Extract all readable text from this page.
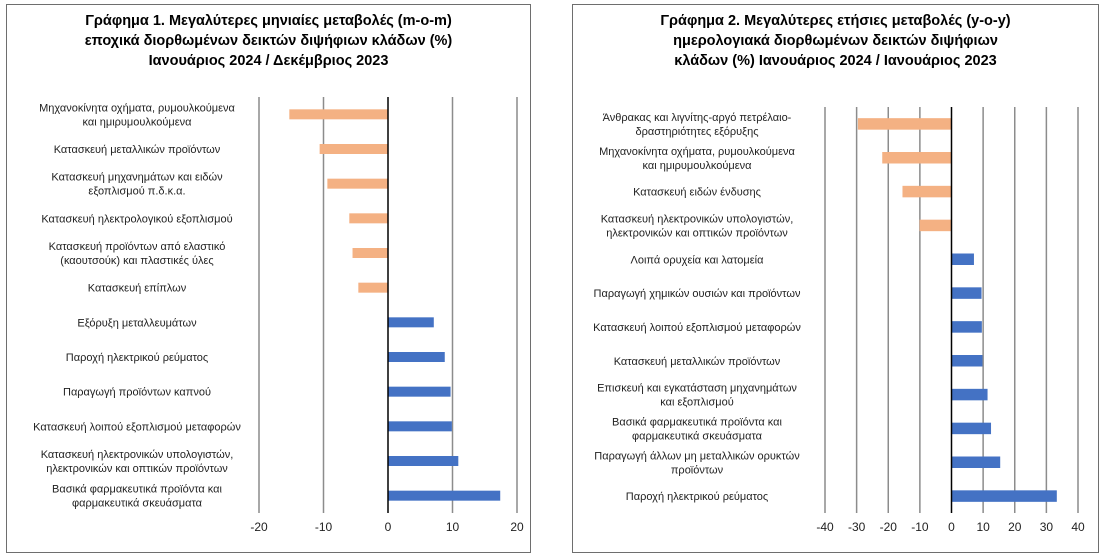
Γράφημα 1. Μεγαλύτερες μηνιαίες μεταβολές (m-o-m)
εποχικά διορθωμένων δεικτών διψήφιων κλάδων (%)
Ιανουάριος 2024 / Δεκέμβριος 2023
Μηχανοκίνητα οχήματα, ρυμουλκούμενα και ημιρυμουλκούμενα
Κατασκευή μεταλλικών προϊόντων
Κατασκευή μηχανημάτων και ειδών εξοπλισμού π.δ.κ.α.
Κατασκευή ηλεκτρολογικού εξοπλισμού
Κατασκευή προϊόντων από ελαστικό (καουτσούκ) και πλαστικές ύλες
Κατασκευή επίπλων
Εξόρυξη μεταλλευμάτων
Παροχή ηλεκτρικού ρεύματος
Παραγωγή προϊόντων καπνού
Κατασκευή λοιπού εξοπλισμού μεταφορών
Κατασκευή ηλεκτρονικών υπολογιστών, ηλεκτρονικών και οπτικών προϊόντων
Βασικά φαρμακευτικά προϊόντα και φαρμακευτικά σκευάσματα
-20	-10	0	10	20
Γράφημα 2. Μεγαλύτερες ετήσιες μεταβολές (y-o-y)
ημερολογιακά διορθωμένων δεικτών διψήφιων
κλάδων (%) Ιανουάριος 2024 / Ιανουάριος 2023
Άνθρακας και λιγνίτης-αργό πετρέλαιο-δραστηριότητες εξόρυξης
Μηχανοκίνητα οχήματα, ρυμουλκούμενα και ημιρυμουλκούμενα
Κατασκευή ειδών ένδυσης
Κατασκευή ηλεκτρονικών υπολογιστών, ηλεκτρονικών και οπτικών προϊόντων
Λοιπά ορυχεία και λατομεία
Παραγωγή χημικών ουσιών και προϊόντων
Κατασκευή λοιπού εξοπλισμού μεταφορών
Κατασκευή μεταλλικών προϊόντων
Επισκευή και εγκατάσταση μηχανημάτων και εξοπλισμού
Βασικά φαρμακευτικά προϊόντα και φαρμακευτικά σκευάσματα
Παραγωγή άλλων μη μεταλλικών ορυκτών προϊόντων
Παροχή ηλεκτρικού ρεύματος
-40 -30 -20 -10 0 10 20 30 40
